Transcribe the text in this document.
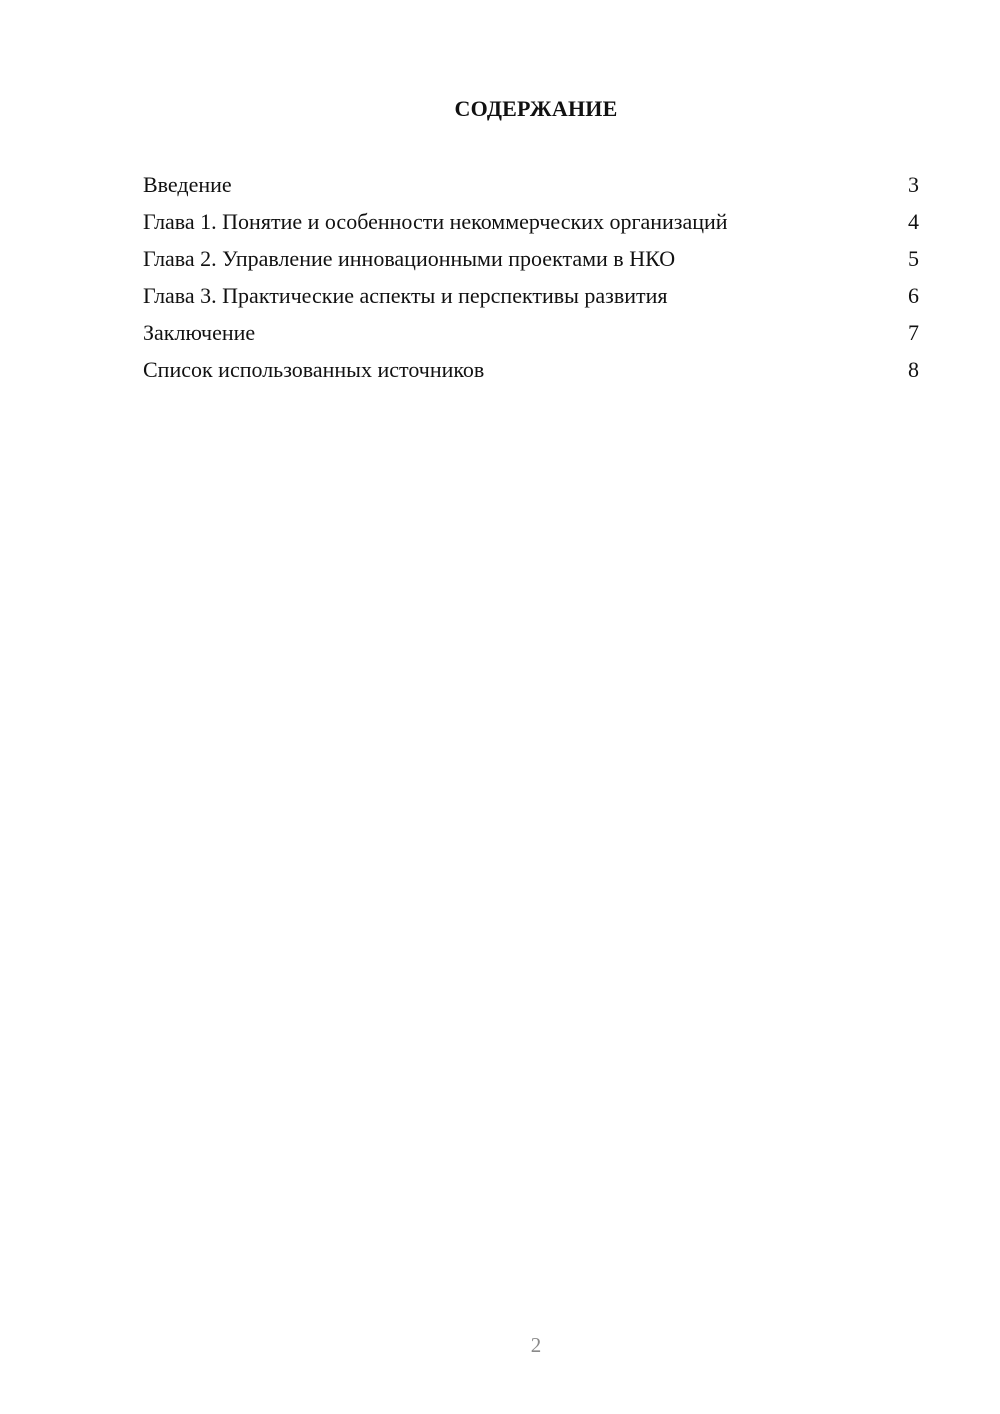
СОДЕРЖАНИЕ
Введение	3
Глава 1. Понятие и особенности некоммерческих организаций	4
Глава 2. Управление инновационными проектами в НКО	5
Глава 3. Практические аспекты и перспективы развития	6
Заключение	7
Список использованных источников	8
2
